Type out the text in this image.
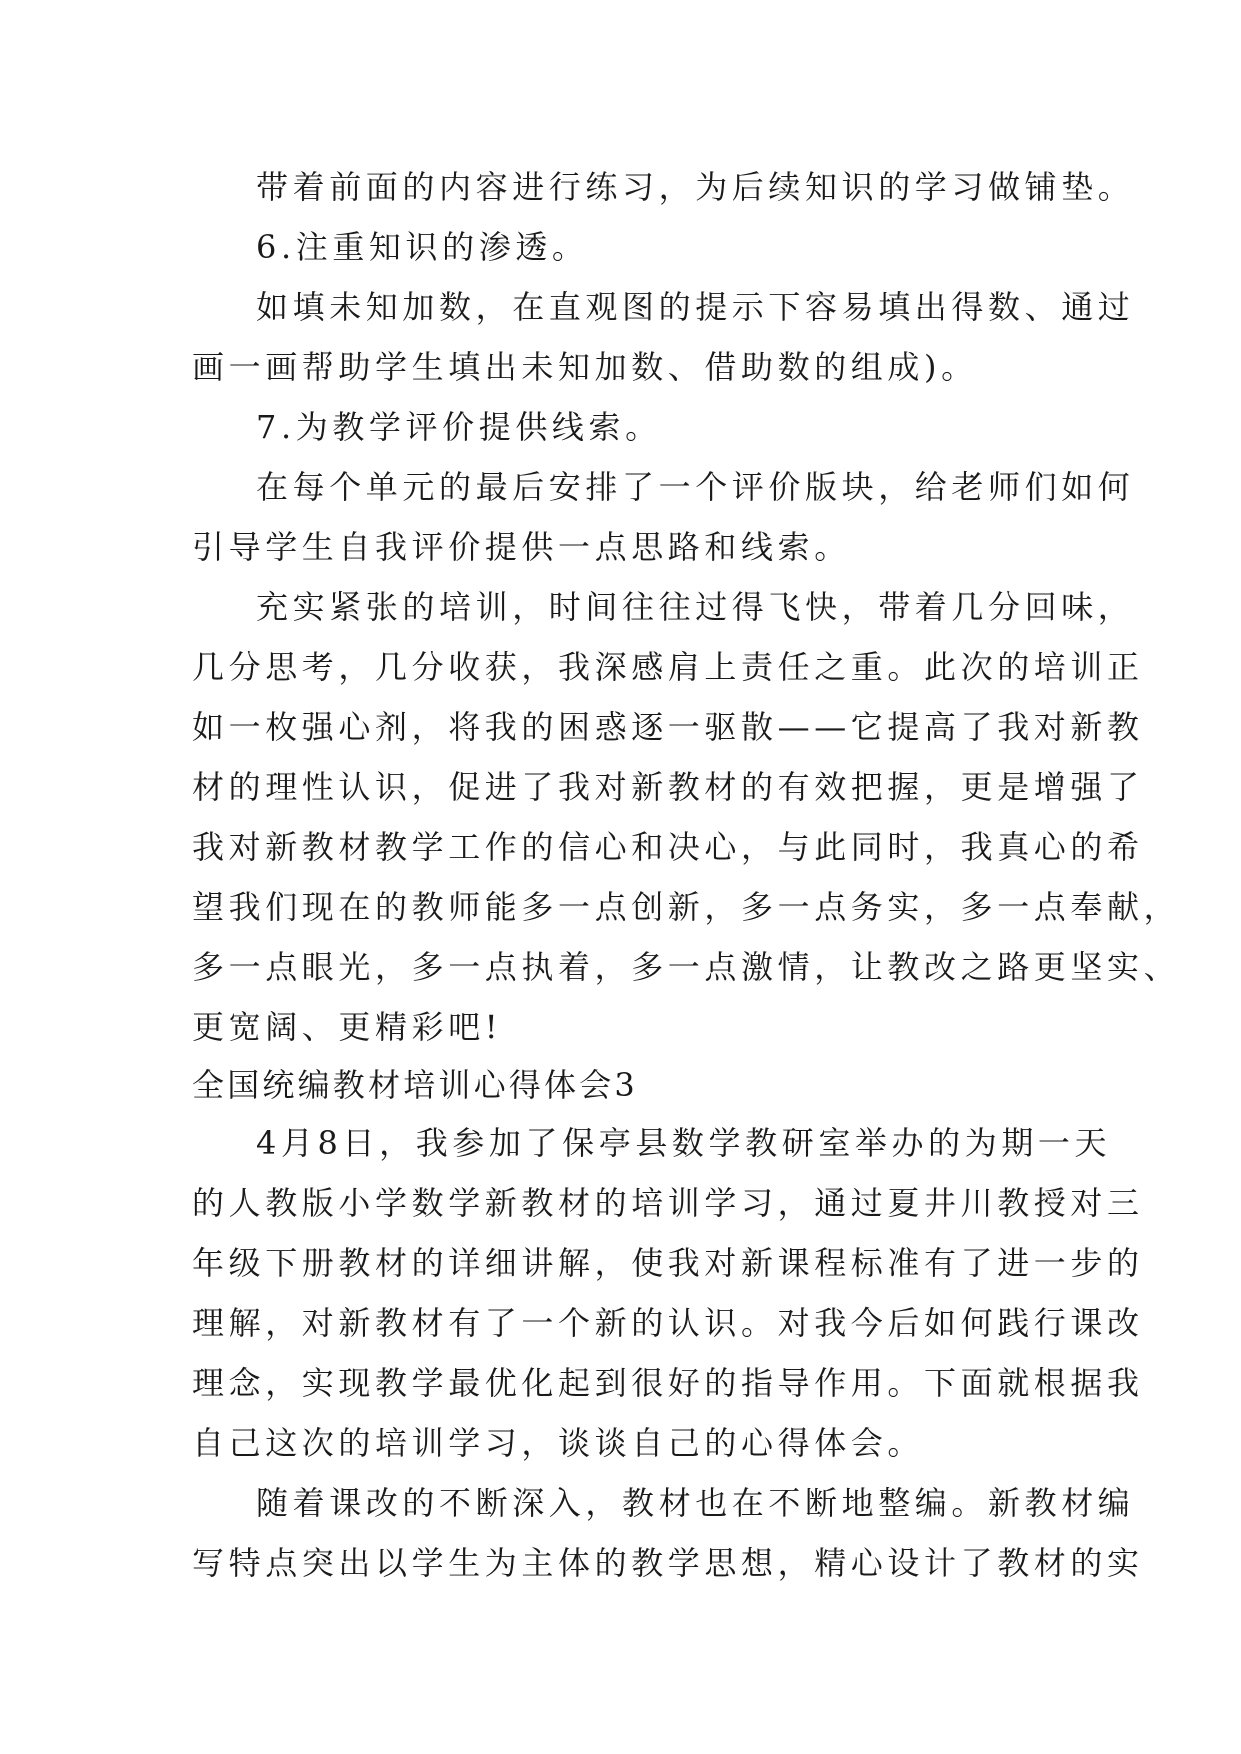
带着前面的内容进行练习，为后续知识的学习做铺垫。
6.注重知识的渗透。
如填未知加数，在直观图的提示下容易填出得数、通过
画一画帮助学生填出未知加数、借助数的组成)。
7.为教学评价提供线索。
在每个单元的最后安排了一个评价版块，给老师们如何
引导学生自我评价提供一点思路和线索。
充实紧张的培训，时间往往过得飞快，带着几分回味，
几分思考，几分收获，我深感肩上责任之重。此次的培训正
如一枚强心剂，将我的困惑逐一驱散——它提高了我对新教
材的理性认识，促进了我对新教材的有效把握，更是增强了
我对新教材教学工作的信心和决心，与此同时，我真心的希
望我们现在的教师能多一点创新，多一点务实，多一点奉献，
多一点眼光，多一点执着，多一点激情，让教改之路更坚实、
更宽阔、更精彩吧!
全国统编教材培训心得体会3
4月8日，我参加了保亭县数学教研室举办的为期一天
的人教版小学数学新教材的培训学习，通过夏井川教授对三
年级下册教材的详细讲解，使我对新课程标准有了进一步的
理解，对新教材有了一个新的认识。对我今后如何践行课改
理念，实现教学最优化起到很好的指导作用。下面就根据我
自己这次的培训学习，谈谈自己的心得体会。
随着课改的不断深入，教材也在不断地整编。新教材编
写特点突出以学生为主体的教学思想，精心设计了教材的实
